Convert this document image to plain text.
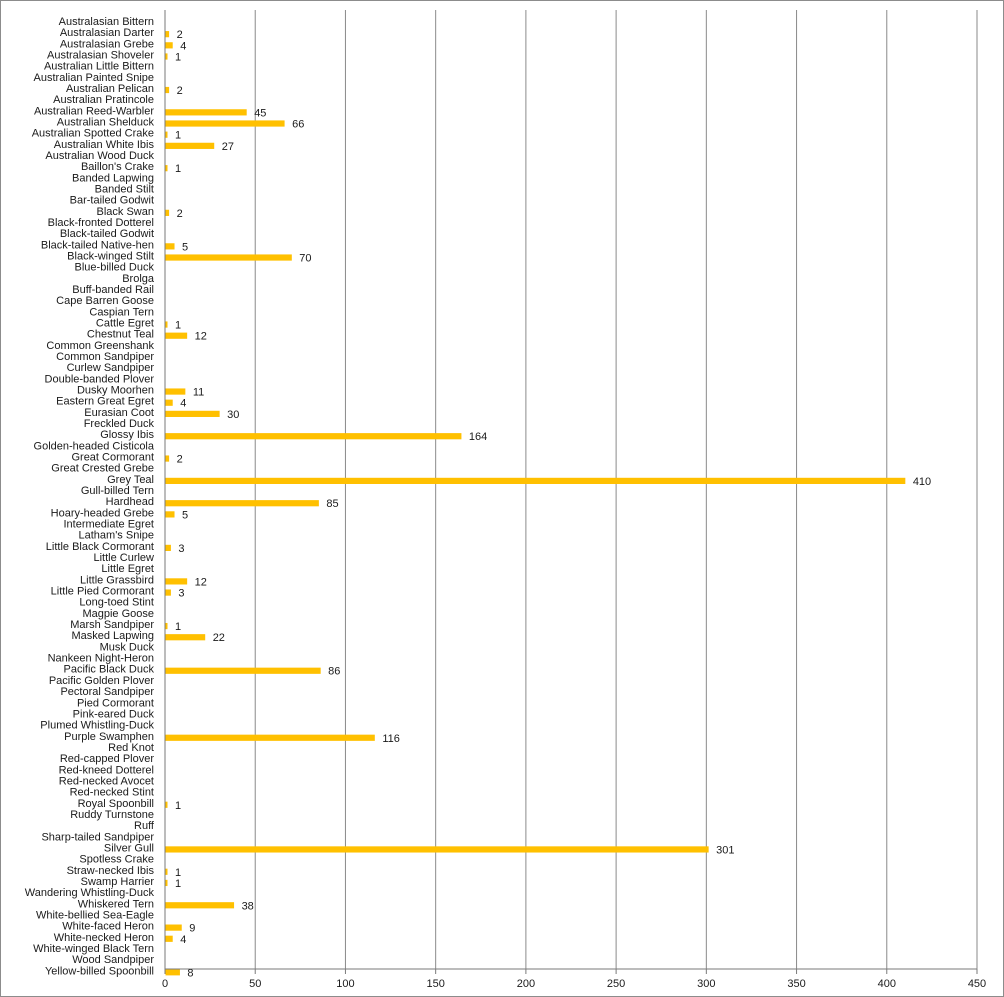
Australasian Bittern
Australasian Darter
Australasian Grebe
Australasian Shoveler
Australian Little Bittern
Australian Painted Snipe
Australian Pelican
Australian Pratincole
Australian Reed-Warbler
Australian Shelduck
Australian Spotted Crake
Australian White Ibis
Australian Wood Duck
Baillon's Crake
Banded Lapwing
Banded Stilt
Bar-tailed Godwit
Black Swan
Black-fronted Dotterel
Black-tailed Godwit
Black-tailed Native-hen
Black-winged Stilt
Blue-billed Duck
Brolga
Buff-banded Rail
Cape Barren Goose
Caspian Tern
Cattle Egret
Chestnut Teal
Common Greenshank
Common Sandpiper
Curlew Sandpiper
Double-banded Plover
Dusky Moorhen
Eastern Great Egret
Eurasian Coot
Freckled Duck
Glossy Ibis
Golden-headed Cisticola
Great Cormorant
Great Crested Grebe
Grey Teal
Gull-billed Tern
Hardhead
Hoary-headed Grebe
Intermediate Egret
Latham's Snipe
Little Black Cormorant
Little Curlew
Little Egret
Little Grassbird
Little Pied Cormorant
Long-toed Stint
Magpie Goose
Marsh Sandpiper
Masked Lapwing
Musk Duck
Nankeen Night-Heron
Pacific Black Duck
Pacific Golden Plover
Pectoral Sandpiper
Pied Cormorant
Pink-eared Duck
Plumed Whistling-Duck
Purple Swamphen
Red Knot
Red-capped Plover
Red-kneed Dotterel
Red-necked Avocet
Red-necked Stint
Royal Spoonbill
Ruddy Turnstone
Ruff
Sharp-tailed Sandpiper
Silver Gull
Spotless Crake
Straw-necked Ibis
Swamp Harrier
Wandering Whistling-Duck
Whiskered Tern
White-bellied Sea-Eagle
White-faced Heron
White-necked Heron
White-winged Black Tern
Wood Sandpiper
Yellow-billed Spoonbill
0	50	100	150	200	250	300	350	400	450
2
4
1
2
45
66
1
27
1
2
5
70
1
12
11
4
30
164
2
410
85
5
3
12
3
1
22
86
116
1
301
1
1
38
9
4
8
